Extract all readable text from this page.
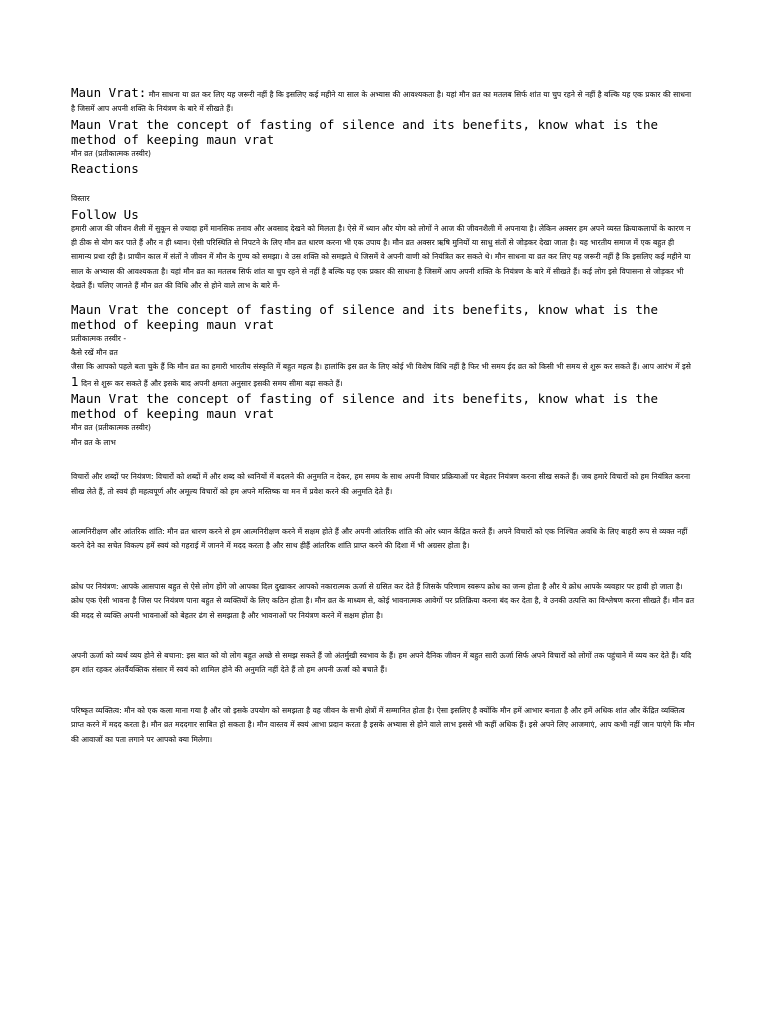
Maun Vrat: मौन साधना या व्रत कर लिए यह जरूरी नहीं है कि इसलिए कई महीने या साल के अभ्यास की आवश्यकता है। यहां मौन व्रत का मतलब सिर्फ शांत या चुप रहने से नहीं है बल्कि यह एक प्रकार की साधना है जिसमें आप अपनी शक्ति के नियंत्रण के बारे में सीखते हैं।

Maun Vrat the concept of fasting of silence and its benefits, know what is the method of keeping maun vrat

मौन व्रत (प्रतीकात्मक तस्वीर)

Reactions

विस्तार

Follow Us

हमारी आज की जीवन शैली में सुकून से ज्यादा हमें मानसिक तनाव और अवसाद देखने को मिलता है। ऐसे में ध्यान और योग को लोगों ने आज की जीवनशैली में अपनाया है। लेकिन अक्सर हम अपने व्यस्त क्रियाकलापों के कारण न ही ठीक से योग कर पाते हैं और न ही ध्यान। ऐसी परिस्थिति से निपटने के लिए मौन व्रत धारण करना भी एक उपाय है। मौन व्रत अक्सर ऋषि मुनियों या साधु संतों से जोड़कर देखा जाता है। यह भारतीय समाज में एक बहुत ही सामान्य प्रथा रही है। प्राचीन काल में संतों ने जीवन में मौन के गुण्य को समझा। वे उस शक्ति को समझते थे जिसमें वे अपनी वाणी को नियंत्रित कर सकते थे। मौन साधना या व्रत कर लिए यह जरूरी नहीं है कि इसलिए कई महीने या साल के अभ्यास की आवश्यकता है। यहां मौन व्रत का मतलब सिर्फ शांत या चुप रहने से नहीं है बल्कि यह एक प्रकार की साधना है जिसमें आप अपनी शक्ति के नियंत्रण के बारे में सीखते हैं। कई लोग इसे विपासना से जोड़कर भी देखते हैं। चलिए जानते हैं मौन व्रत की विधि और से होने वाले लाभ के बारे में-

Maun Vrat the concept of fasting of silence and its benefits, know what is the method of keeping maun vrat

प्रतीकात्मक तस्वीर -

कैसे रखें मौन व्रत

जैसा कि आपको पहले बता चुके हैं कि मौन व्रत का हमारी भारतीय संस्कृति में बहुत महत्व है। हालांकि इस व्रत के लिए कोई भी विशेष विधि नहीं है फिर भी समय ईद व्रत को किसी भी समय से शुरू कर सकते हैं। आप आरंभ में इसे 1 दिन से शुरू कर सकते हैं और इसके बाद अपनी क्षमता अनुसार इसकी समय सीमा बढ़ा सकते हैं।

Maun Vrat the concept of fasting of silence and its benefits, know what is the method of keeping maun vrat

मौन व्रत (प्रतीकात्मक तस्वीर)

मौन व्रत के लाभ

विचारों और शब्दों पर नियंत्रण: विचारों को शब्दों में और शब्द को ध्वनियों में बदलने की अनुमति न देकर, हम समय के साथ अपनी विचार प्रक्रियाओं पर बेहतर नियंत्रण करना सीख सकते हैं। जब हमारे विचारों को हम नियंत्रित करना सीख लेते हैं, तो स्वयं ही महत्वपूर्ण और अमूल्य विचारों को हम अपने मस्तिष्क या मन में प्रवेश करने की अनुमति देते हैं।

आत्मनिरीक्षण और आंतरिक शांति: मौन व्रत धारण करने से हम आत्मनिरीक्षण करने में सक्षम होते हैं और अपनी आंतरिक शांति की ओर ध्यान केंद्रित करते हैं। अपने विचारों को एक निश्चित अवधि के लिए बाहरी रूप से व्यक्त नहीं करने देने का सचेत विकल्प हमें स्वयं को गहराई में जानने में मदद करता है और साथ हीहैं आंतरिक शांति प्राप्त करने की दिशा में भी अग्रसर होता है।

क्रोध पर नियंत्रण: आपके आसपास बहुत से ऐसे लोग होंगे जो आपका दिल दुखाकर आपको नकारात्मक ऊर्जा से ग्रसित कर देते हैं जिसके परिणाम स्वरूप क्रोध का जन्म होता है और ये क्रोध आपके व्यवहार पर हावी हो जाता है। क्रोध एक ऐसी भावना है जिस पर नियंत्रण पाना बहुत से व्यक्तियों के लिए कठिन होता है। मौन व्रत के माध्यम से, कोई भावनात्मक आवेगों पर प्रतिक्रिया करना बंद कर देता है, वे उनकी उत्पत्ति का विश्लेषण करना सीखते हैं। मौन व्रत की मदद से व्यक्ति अपनी भावनाओं को बेहतर ढंग से समझता है और भावनाओं पर नियंत्रण करने में सक्षम होता है।

अपनी ऊर्जा को व्यर्थ व्यय होने से बचाना: इस बात को वो लोग बहुत अच्छे से समझ सकते हैं जो अंतर्मुखी स्वभाव के हैं। हम अपने दैनिक जीवन में बहुत सारी ऊर्जा सिर्फ अपने विचारों को लोगों तक पहुंचाने में व्यय कर देते हैं। यदि हम शांत रहकर अंतर्वैयक्तिक संसार में स्वयं को शामिल होने की अनुमति नहीं देते हैं तो हम अपनी ऊर्जा को बचाते हैं।

परिष्कृत व्यक्तित्व: मौन को एक कला माना गया है और जो इसके उपयोग को समझता है वह जीवन के सभी क्षेत्रों में सम्मानित होता है। ऐसा इसलिए है क्योंकि मौन हमें आभार बनाता है और हमें अधिक शांत और केंद्रित व्यक्तित्व प्राप्त करने में मदद करता है। मौन व्रत मददगार साबित हो सकता है। मौन वास्तव में स्वयं आभा प्रदान करता है इसके अभ्यास से होने वाले लाभ इससे भी कहीं अधिक हैं। इसे अपने लिए आजमाएं, आप कभी नहीं जान पाएंगे कि मौन की आवाजों का पता लगाने पर आपको क्या मिलेगा।
